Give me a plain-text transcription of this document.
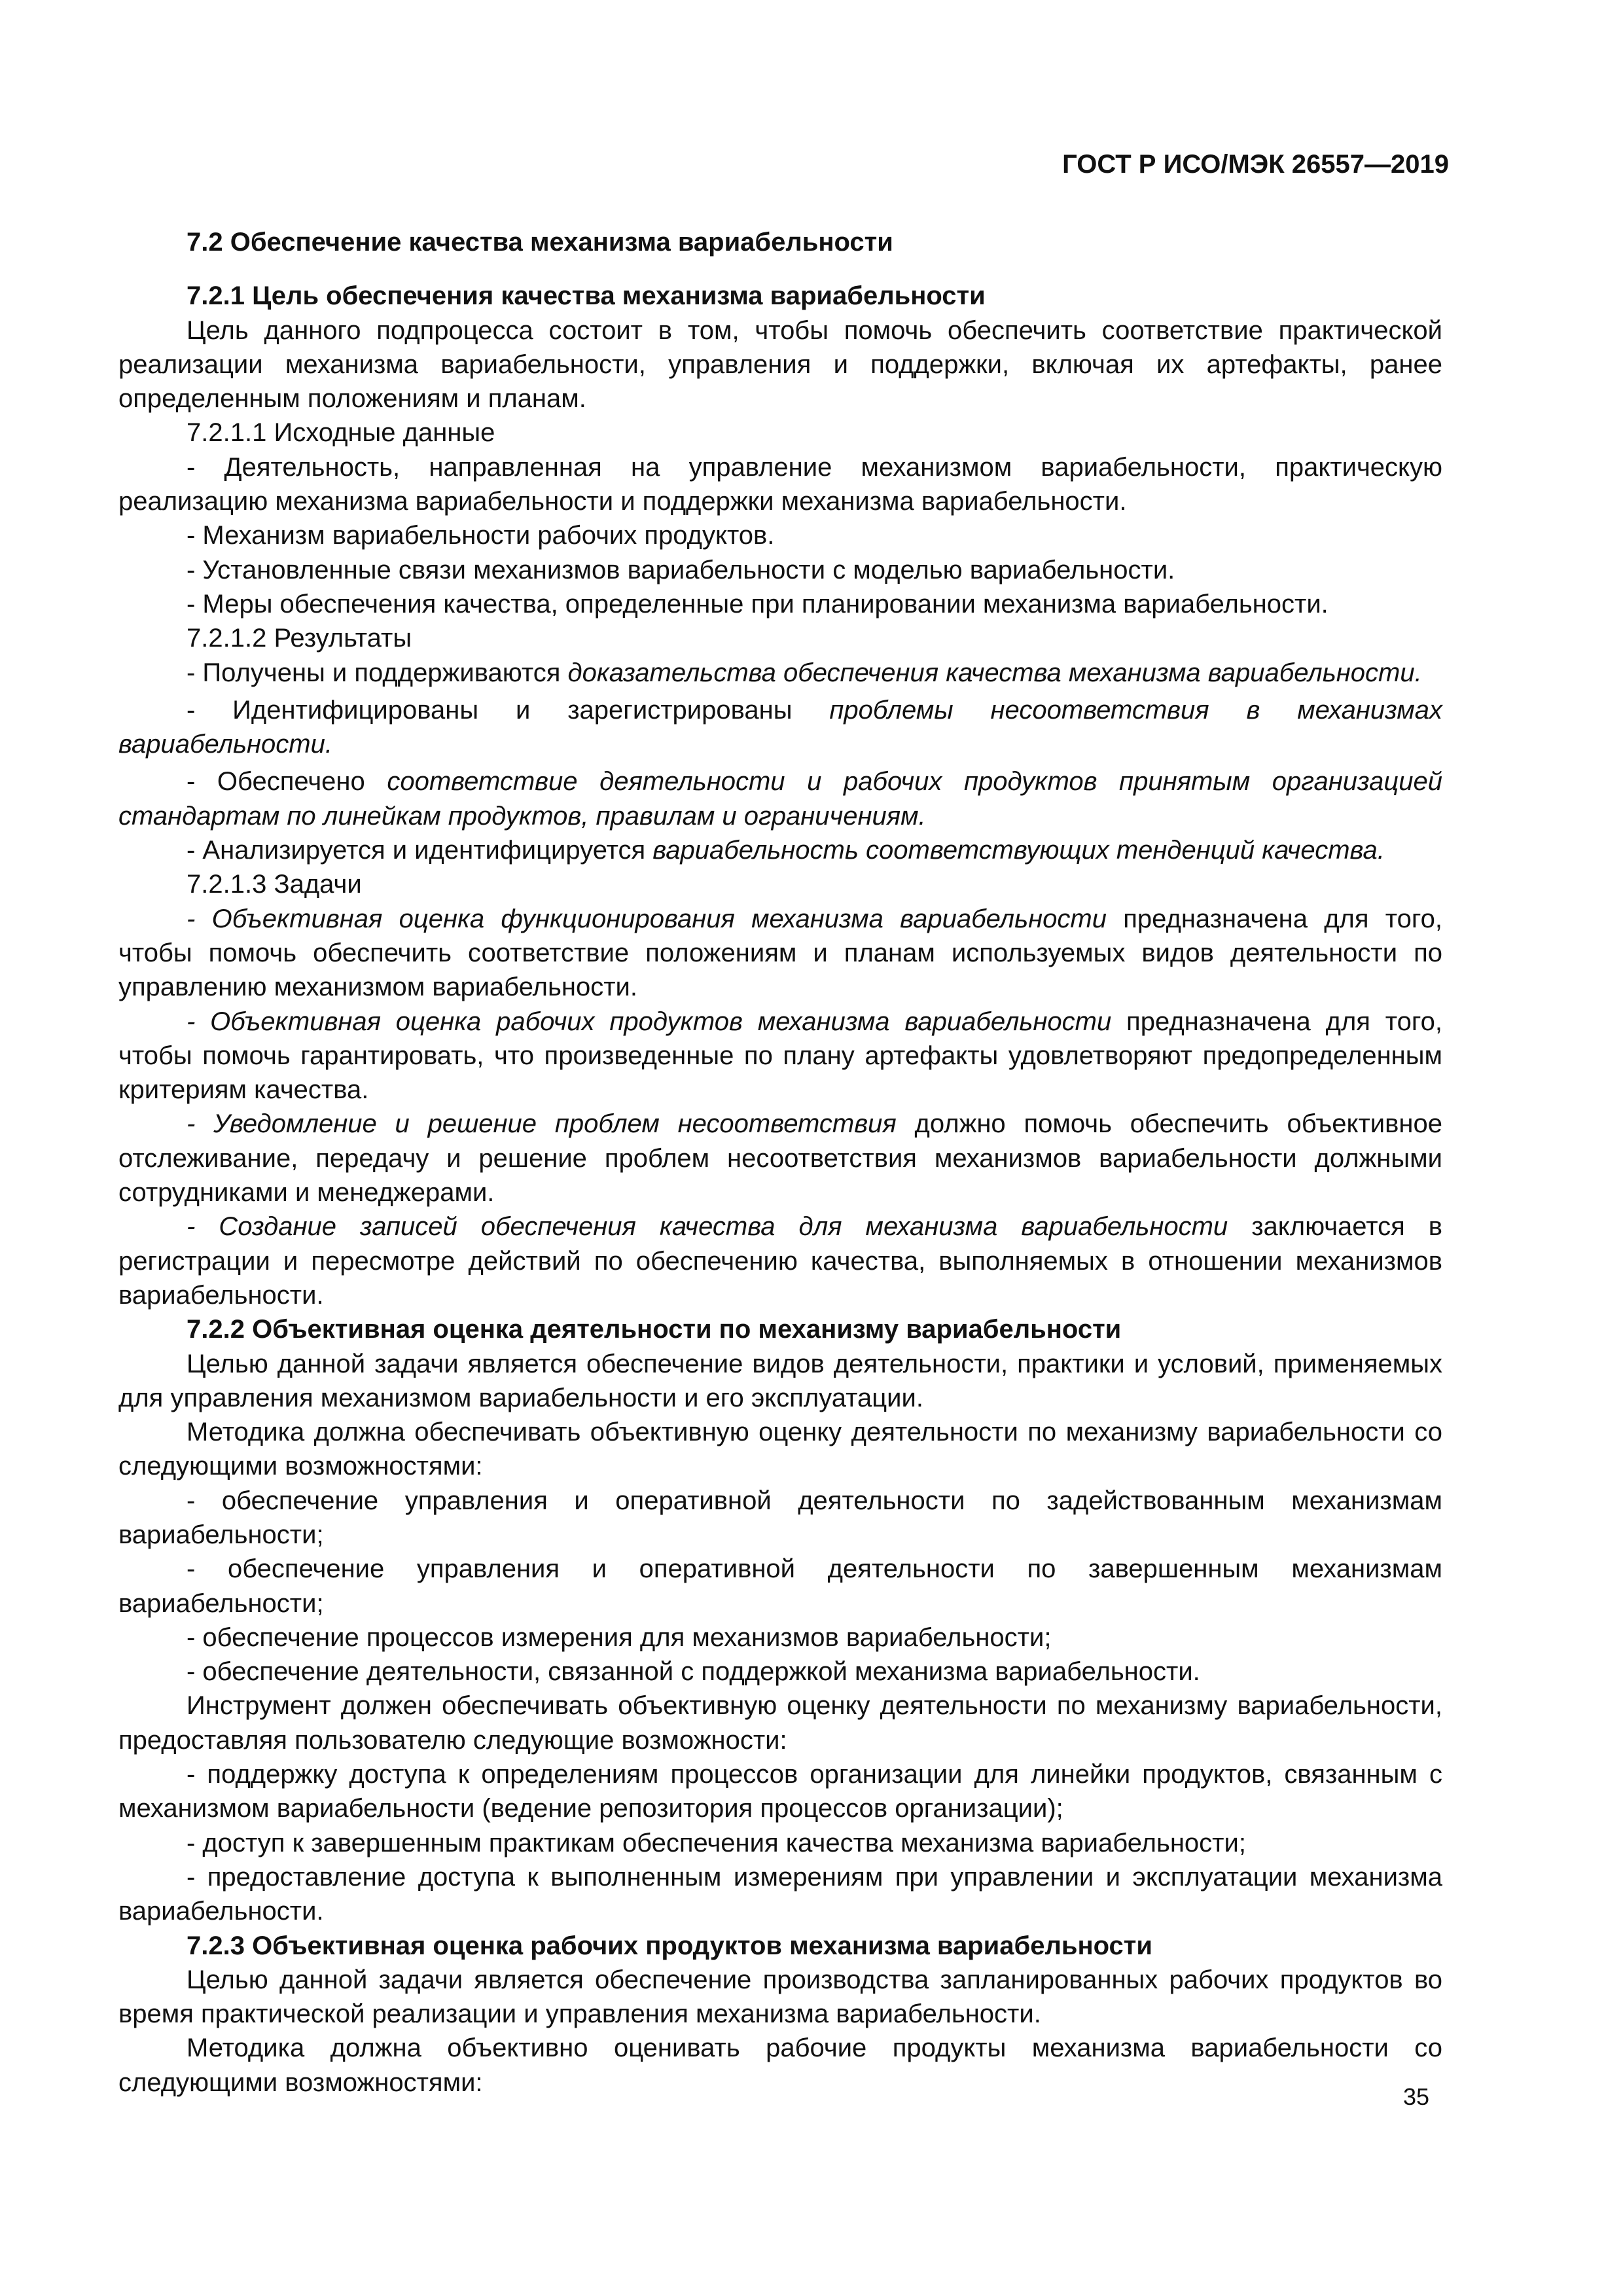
ГОСТ Р ИСО/МЭК 26557—2019

7.2 Обеспечение качества механизма вариабельности

7.2.1 Цель обеспечения качества механизма вариабельности

Цель данного подпроцесса состоит в том, чтобы помочь обеспечить соответствие практической реализации механизма вариабельности, управления и поддержки, включая их артефакты, ранее определенным положениям и планам.

7.2.1.1 Исходные данные

- Деятельность, направленная на управление механизмом вариабельности, практическую реализацию механизма вариабельности и поддержки механизма вариабельности.

- Механизм вариабельности рабочих продуктов.

- Установленные связи механизмов вариабельности с моделью вариабельности.

- Меры обеспечения качества, определенные при планировании механизма вариабельности.

7.2.1.2 Результаты

- Получены и поддерживаются доказательства обеспечения качества механизма вариабельности.

- Идентифицированы и зарегистрированы проблемы несоответствия в механизмах вариабельности.

- Обеспечено соответствие деятельности и рабочих продуктов принятым организацией стандартам по линейкам продуктов, правилам и ограничениям.

- Анализируется и идентифицируется вариабельность соответствующих тенденций качества.

7.2.1.3 Задачи

- Объективная оценка функционирования механизма вариабельности предназначена для того, чтобы помочь обеспечить соответствие положениям и планам используемых видов деятельности по управлению механизмом вариабельности.

- Объективная оценка рабочих продуктов механизма вариабельности предназначена для того, чтобы помочь гарантировать, что произведенные по плану артефакты удовлетворяют предопределенным критериям качества.

- Уведомление и решение проблем несоответствия должно помочь обеспечить объективное отслеживание, передачу и решение проблем несоответствия механизмов вариабельности должными сотрудниками и менеджерами.

- Создание записей обеспечения качества для механизма вариабельности заключается в регистрации и пересмотре действий по обеспечению качества, выполняемых в отношении механизмов вариабельности.

7.2.2 Объективная оценка деятельности по механизму вариабельности

Целью данной задачи является обеспечение видов деятельности, практики и условий, применяемых для управления механизмом вариабельности и его эксплуатации.

Методика должна обеспечивать объективную оценку деятельности по механизму вариабельности со следующими возможностями:

- обеспечение управления и оперативной деятельности по задействованным механизмам вариабельности;

- обеспечение управления и оперативной деятельности по завершенным механизмам вариабельности;

- обеспечение процессов измерения для механизмов вариабельности;

- обеспечение деятельности, связанной с поддержкой механизма вариабельности.

Инструмент должен обеспечивать объективную оценку деятельности по механизму вариабельности, предоставляя пользователю следующие возможности:

- поддержку доступа к определениям процессов организации для линейки продуктов, связанным с механизмом вариабельности (ведение репозитория процессов организации);

- доступ к завершенным практикам обеспечения качества механизма вариабельности;

- предоставление доступа к выполненным измерениям при управлении и эксплуатации механизма вариабельности.

7.2.3 Объективная оценка рабочих продуктов механизма вариабельности

Целью данной задачи является обеспечение производства запланированных рабочих продуктов во время практической реализации и управления механизма вариабельности.

Методика должна объективно оценивать рабочие продукты механизма вариабельности со следующими возможностями:	35
